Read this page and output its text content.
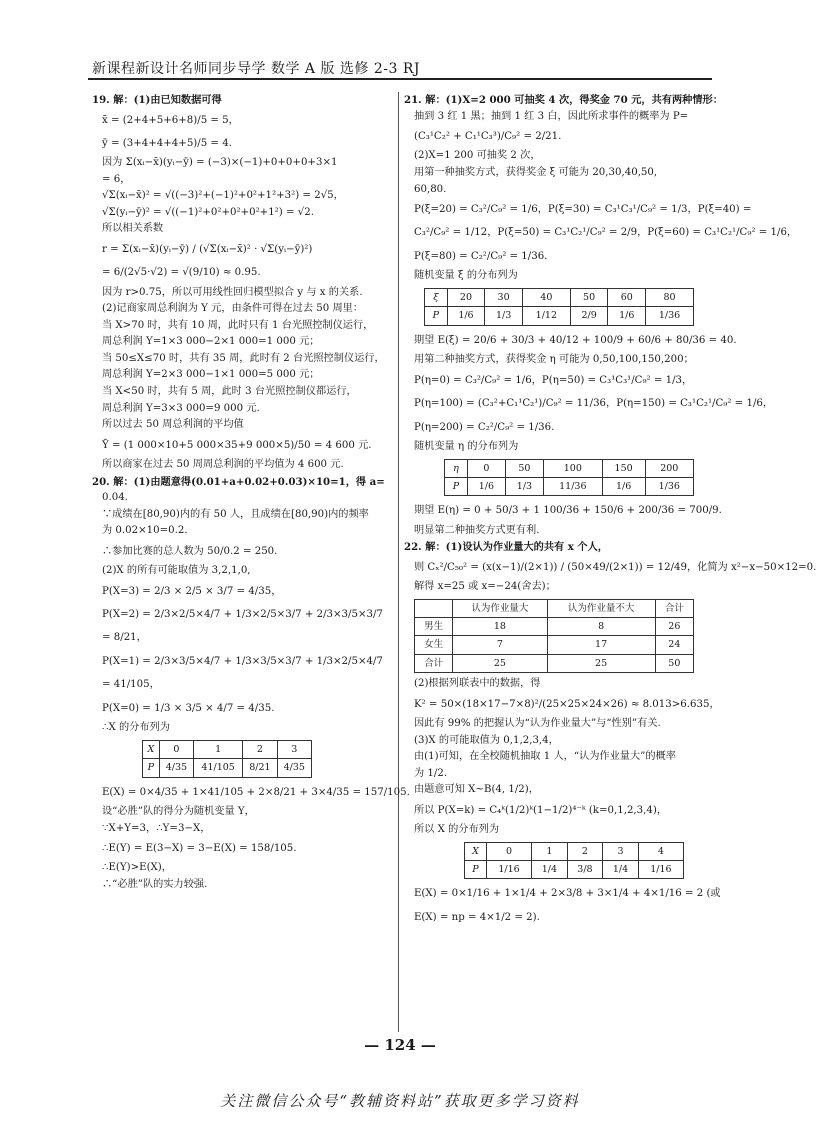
新课程新设计名师同步导学 数学 A 版 选修 2-3 RJ
19. 解：(1)由已知数据可得
x̄ = (2+4+5+6+8)/5 = 5，
ȳ = (3+4+4+4+5)/5 = 4.
因为 Σ(xᵢ−x̄)(yᵢ−ȳ) = (−3)×(−1)+0+0+0+3×1
= 6，
√Σ(xᵢ−x̄)² = √((−3)²+(−1)²+0²+1²+3²) = 2√5，
√Σ(yᵢ−ȳ)² = √((−1)²+0²+0²+0²+1²) = √2.
所以相关系数
r = Σ(xᵢ−x̄)(yᵢ−ȳ) / (√Σ(xᵢ−x̄)² · √Σ(yᵢ−ȳ)²)
= 6/(2√5·√2) = √(9/10) ≈ 0.95.
因为 r>0.75，所以可用线性回归模型拟合 y 与 x 的关系.
(2)记商家周总利润为 Y 元，由条件可得在过去 50 周里：
当 X>70 时，共有 10 周，此时只有 1 台光照控制仪运行，
周总利润 Y=1×3 000−2×1 000=1 000 元；
当 50≤X≤70 时，共有 35 周，此时有 2 台光照控制仪运行，
周总利润 Y=2×3 000−1×1 000=5 000 元；
当 X<50 时，共有 5 周，此时 3 台光照控制仪都运行，
周总利润 Y=3×3 000=9 000 元.
所以过去 50 周总利润的平均值
Ȳ = (1 000×10+5 000×35+9 000×5)/50 = 4 600 元.
所以商家在过去 50 周周总利润的平均值为 4 600 元.
20. 解：(1)由题意得(0.01+a+0.02+0.03)×10=1，得 a=
0.04.
∵成绩在[80,90)内的有 50 人，且成绩在[80,90)内的频率
为 0.02×10=0.2.
∴参加比赛的总人数为 50/0.2 = 250.
(2)X 的所有可能取值为 3,2,1,0,
P(X=3) = 2/3 × 2/5 × 3/7 = 4/35，
P(X=2) = 2/3×2/5×4/7 + 1/3×2/5×3/7 + 2/3×3/5×3/7
= 8/21，
P(X=1) = 2/3×3/5×4/7 + 1/3×3/5×3/7 + 1/3×2/5×4/7
= 41/105，
P(X=0) = 1/3 × 3/5 × 4/7 = 4/35.
∴X 的分布列为
X	0	1	2	3
P	4/35	41/105	8/21	4/35
E(X) = 0×4/35 + 1×41/105 + 2×8/21 + 3×4/35 = 157/105.
设“必胜”队的得分为随机变量 Y，
∵X+Y=3，∴Y=3−X，
∴E(Y) = E(3−X) = 3−E(X) = 158/105.
∴E(Y)>E(X)，
∴“必胜”队的实力较强.
21. 解：(1)X=2 000 可抽奖 4 次，得奖金 70 元，共有两种情形：
抽到 3 红 1 黑；抽到 1 红 3 白，因此所求事件的概率为 P=
(C₃¹C₂² + C₁¹C₃³)/C₉² = 2/21.
(2)X=1 200 可抽奖 2 次，
用第一种抽奖方式，获得奖金 ξ 可能为 20,30,40,50,
60,80.
P(ξ=20) = C₃²/C₉² = 1/6，P(ξ=30) = C₃¹C₃¹/C₉² = 1/3，P(ξ=40) =
C₃²/C₉² = 1/12，P(ξ=50) = C₃¹C₂¹/C₉² = 2/9，P(ξ=60) = C₃¹C₂¹/C₉² = 1/6，
P(ξ=80) = C₂²/C₉² = 1/36.
随机变量 ξ 的分布列为
ξ	20	30	40	50	60	80
P	1/6	1/3	1/12	2/9	1/6	1/36
期望 E(ξ) = 20/6 + 30/3 + 40/12 + 100/9 + 60/6 + 80/36 = 40.
用第二种抽奖方式，获得奖金 η 可能为 0,50,100,150,200；
P(η=0) = C₃²/C₉² = 1/6，P(η=50) = C₃¹C₃¹/C₉² = 1/3，
P(η=100) = (C₃²+C₁¹C₂¹)/C₉² = 11/36，P(η=150) = C₃¹C₂¹/C₉² = 1/6，
P(η=200) = C₂²/C₉² = 1/36.
随机变量 η 的分布列为
η	0	50	100	150	200
P	1/6	1/3	11/36	1/6	1/36
期望 E(η) = 0 + 50/3 + 1 100/36 + 150/6 + 200/36 = 700/9.
明显第二种抽奖方式更有利.
22. 解：(1)设认为作业量大的共有 x 个人，
则 Cₓ²/C₅₀² = (x(x−1)/(2×1)) / (50×49/(2×1)) = 12/49，化简为 x²−x−50×12=0.
解得 x=25 或 x=−24(舍去)；
	认为作业量大	认为作业量不大	合计
男生	18	8	26
女生	7	17	24
合计	25	25	50
(2)根据列联表中的数据，得
K² = 50×(18×17−7×8)²/(25×25×24×26) ≈ 8.013>6.635，
因此有 99% 的把握认为“认为作业量大”与“性别”有关.
(3)X 的可能取值为 0,1,2,3,4，
由(1)可知，在全校随机抽取 1 人，“认为作业量大”的概率
为 1/2.
由题意可知 X~B(4, 1/2)，
所以 P(X=k) = C₄ᵏ(1/2)ᵏ(1−1/2)⁴⁻ᵏ (k=0,1,2,3,4)，
所以 X 的分布列为
X	0	1	2	3	4
P	1/16	1/4	3/8	1/4	1/16
E(X) = 0×1/16 + 1×1/4 + 2×3/8 + 3×1/4 + 4×1/16 = 2 (或
E(X) = np = 4×1/2 = 2).
— 124 —
关注微信公众号“教辅资料站”获取更多学习资料
